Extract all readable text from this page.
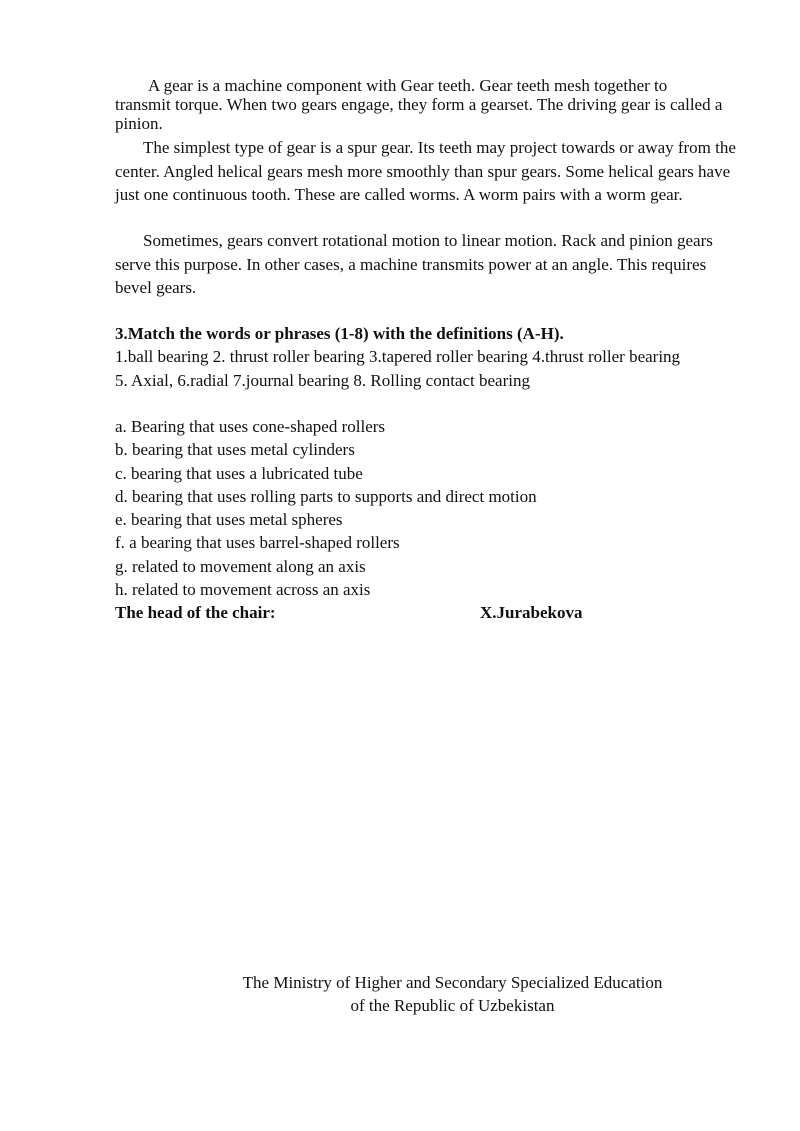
A gear is a machine component with Gear teeth. Gear teeth mesh together to
transmit torque. When two gears engage, they form a gearset. The driving gear is called a pinion.
The simplest type of gear is a spur gear. Its teeth may project towards or away from the center. Angled helical gears mesh more smoothly than spur gears. Some helical gears have just one continuous tooth. These are called worms. A worm pairs with a worm gear.
Sometimes, gears convert rotational motion to linear motion. Rack and pinion gears serve this purpose. In other cases, a machine transmits power at an angle. This requires bevel gears.
3.Match the words or phrases (1-8) with the definitions (A-H).
1.ball bearing 2. thrust roller bearing 3.tapered roller bearing 4.thrust roller bearing
5. Axial, 6.radial 7.journal bearing 8. Rolling contact bearing
a. Bearing that uses cone-shaped rollers
b. bearing that uses metal cylinders
c. bearing that uses a lubricated tube
d. bearing that uses rolling parts to supports and direct motion
e. bearing that uses metal spheres
f. a bearing that uses barrel-shaped rollers
g. related to movement along an axis
h. related to movement across an axis
The head of the chair:	X.Jurabekova
The Ministry of Higher and Secondary Specialized Education
of the Republic of Uzbekistan
